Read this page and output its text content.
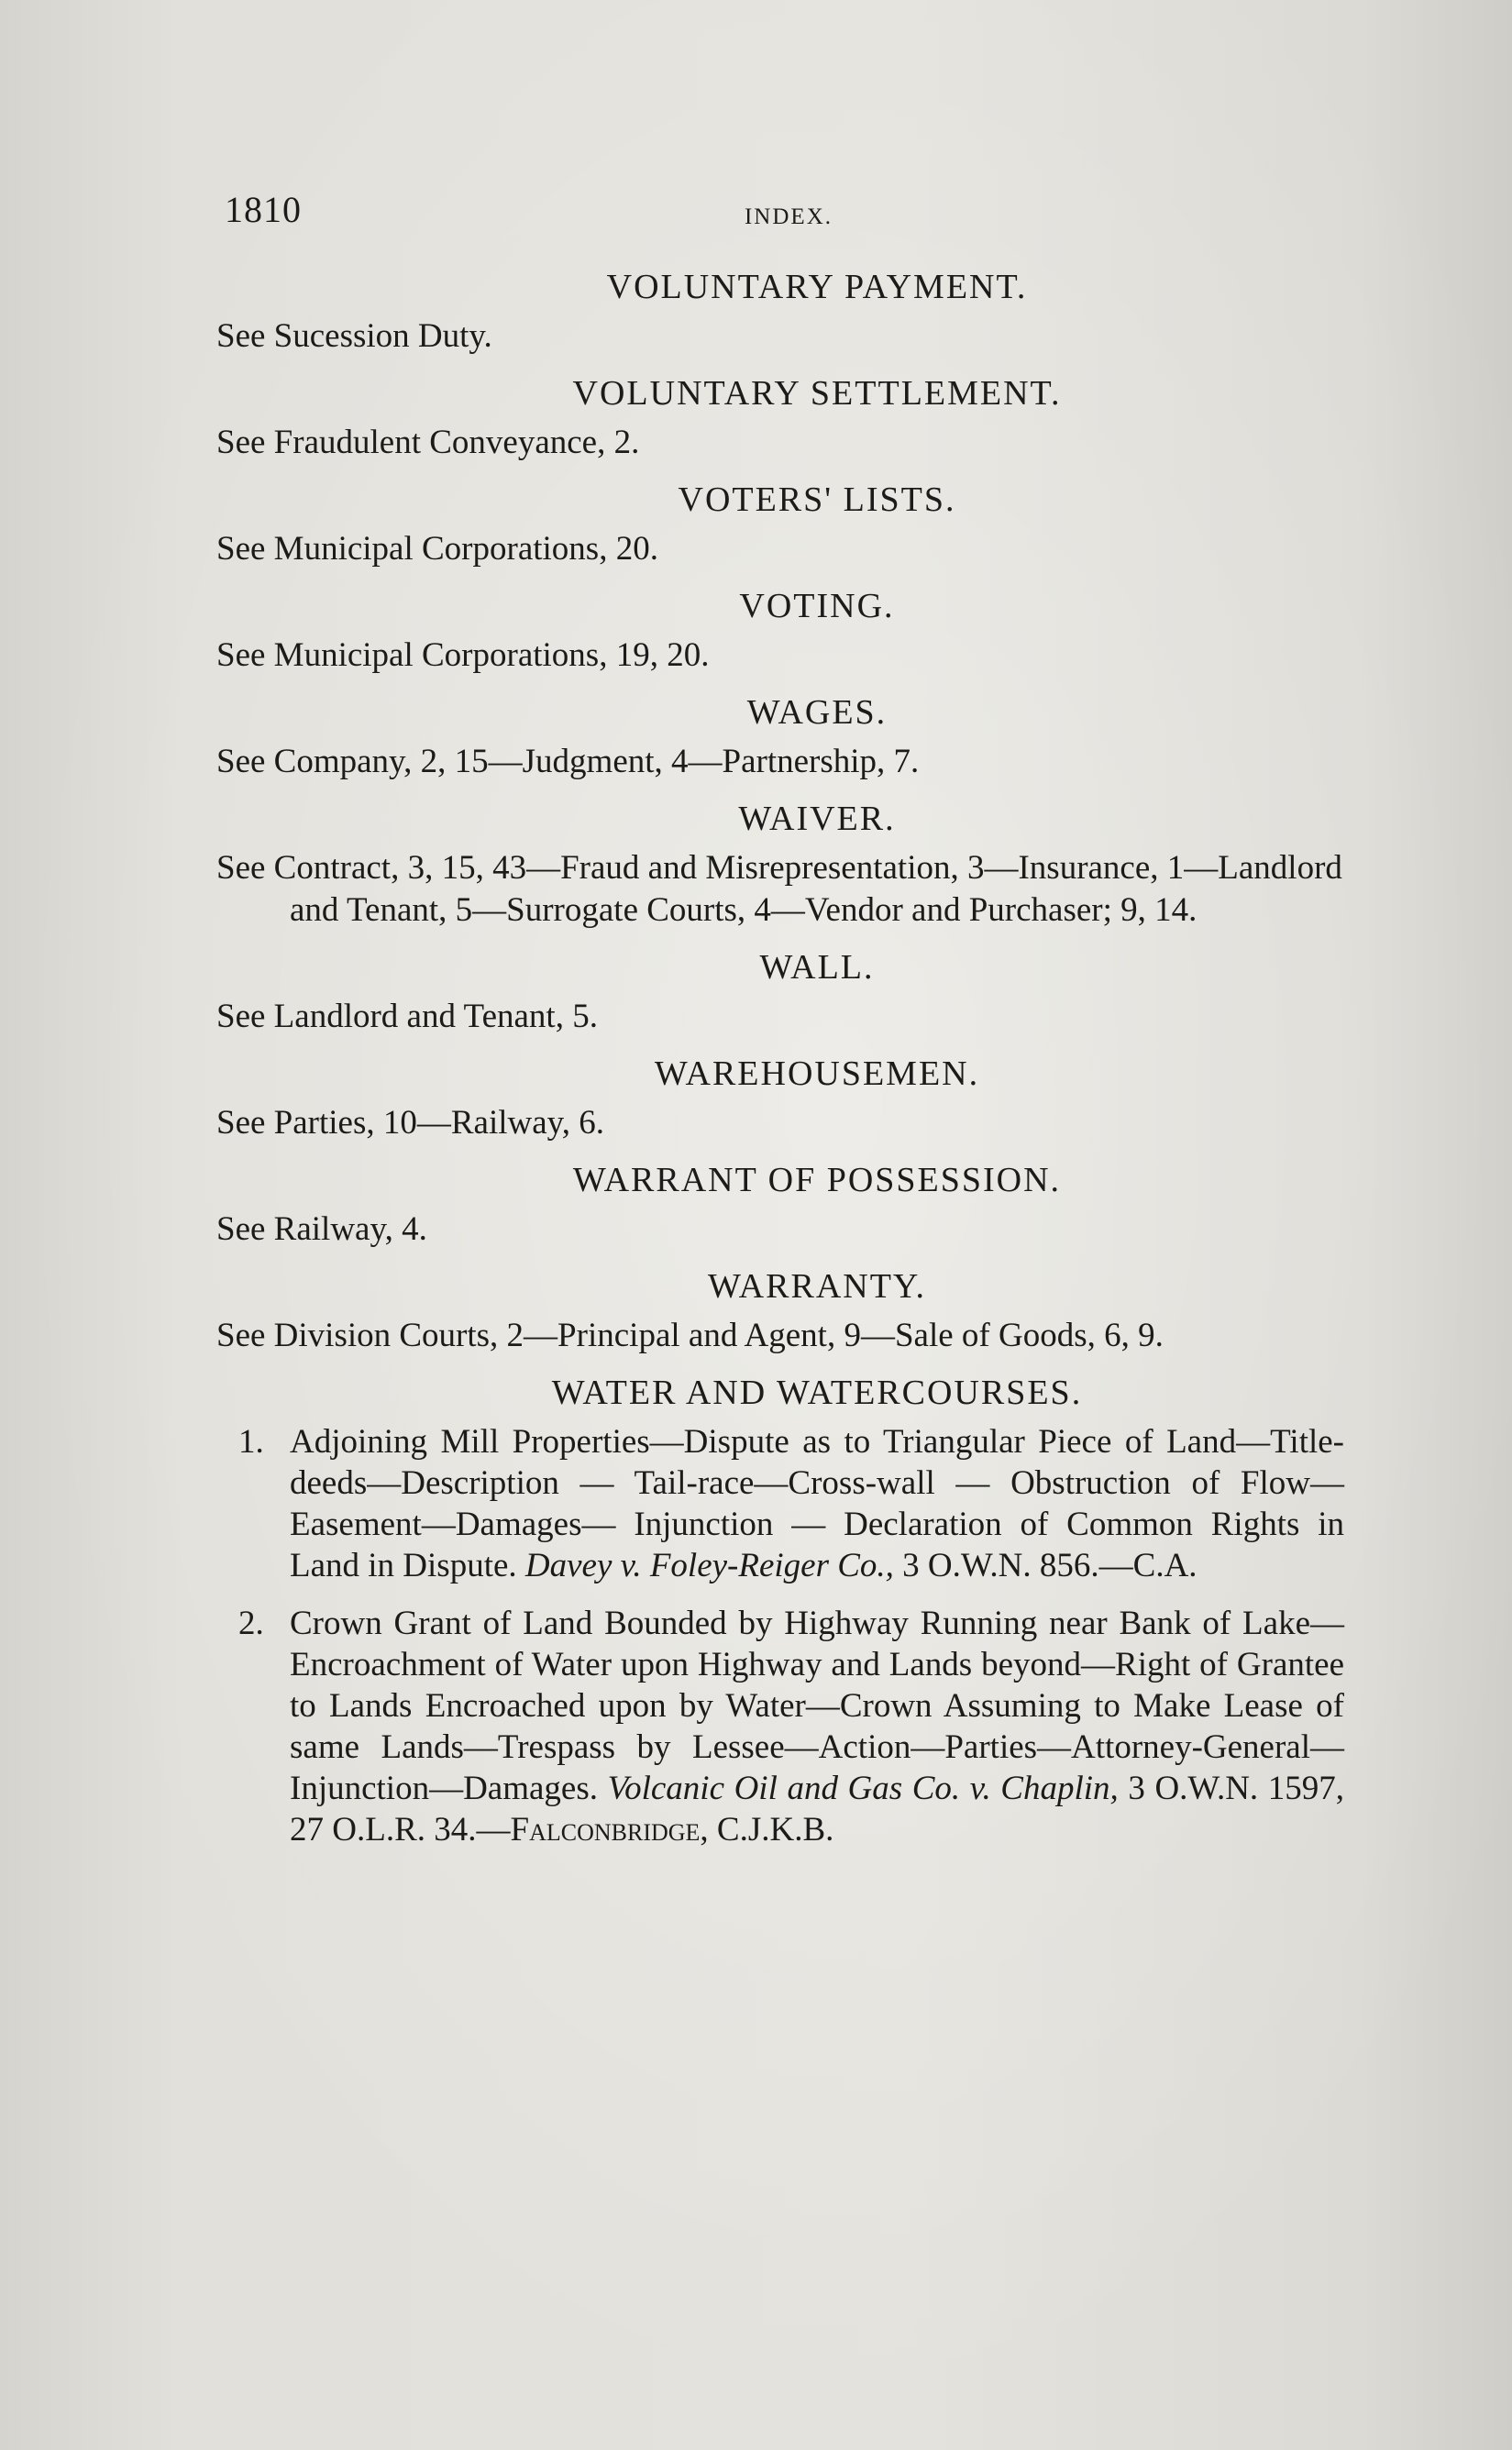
1810	INDEX.
VOLUNTARY PAYMENT.

See Sucession Duty.

VOLUNTARY SETTLEMENT.

See Fraudulent Conveyance, 2.

VOTERS' LISTS.

See Municipal Corporations, 20.

VOTING.

See Municipal Corporations, 19, 20.

WAGES.

See Company, 2, 15—Judgment, 4—Partnership, 7.

WAIVER.

See Contract, 3, 15, 43—Fraud and Misrepresentation, 3—Insurance, 1—Landlord and Tenant, 5—Surrogate Courts, 4—Vendor and Purchaser; 9, 14.

WALL.

See Landlord and Tenant, 5.

WAREHOUSEMEN.

See Parties, 10—Railway, 6.

WARRANT OF POSSESSION.

See Railway, 4.

WARRANTY.

See Division Courts, 2—Principal and Agent, 9—Sale of Goods, 6, 9.

WATER AND WATERCOURSES.

1. Adjoining Mill Properties—Dispute as to Triangular Piece of Land—Title-deeds—Description — Tail-race—Cross-wall — Obstruction of Flow—Easement—Damages— Injunction — Declaration of Common Rights in Land in Dispute. Davey v. Foley-Reiger Co., 3 O.W.N. 856.—C.A.

2. Crown Grant of Land Bounded by Highway Running near Bank of Lake—Encroachment of Water upon Highway and Lands beyond—Right of Grantee to Lands Encroached upon by Water—Crown Assuming to Make Lease of same Lands—Trespass by Lessee—Action—Parties—Attorney-General—Injunction—Damages. Volcanic Oil and Gas Co. v. Chaplin, 3 O.W.N. 1597, 27 O.L.R. 34.—Falconbridge, C.J.K.B.
